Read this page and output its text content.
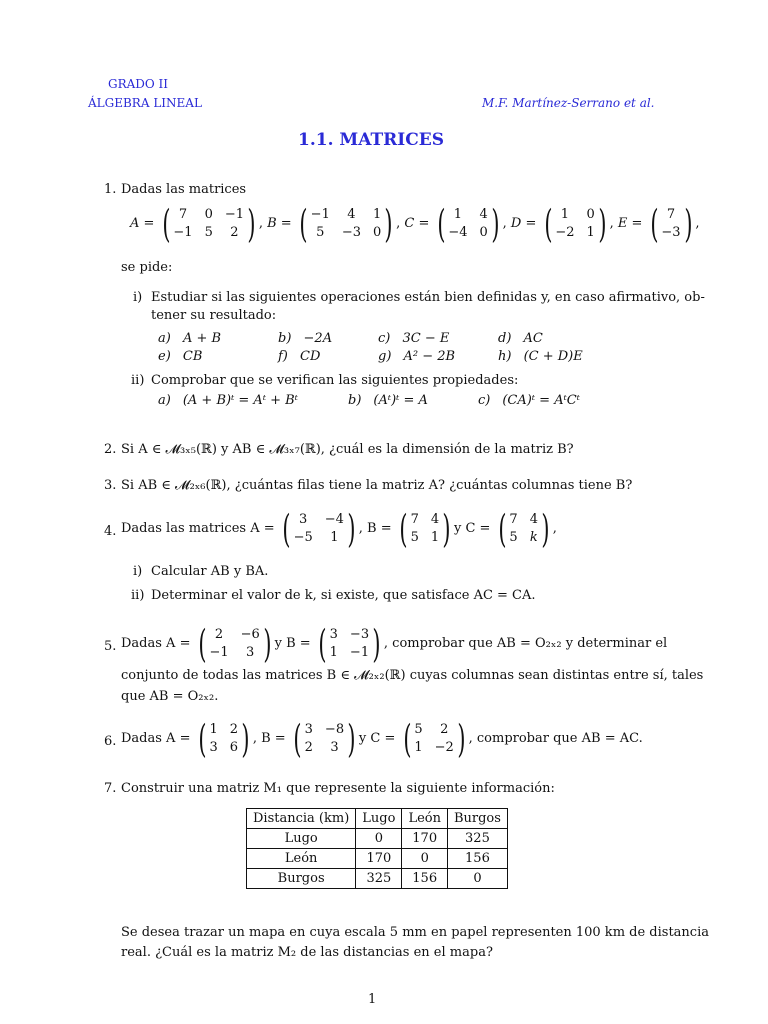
GRADO II
ÁLGEBRA LINEAL	M.F. Martínez-Serrano et al.
1.1. MATRICES
1. Dadas las matrices
A = ( 7	0 −1
−1 5	2 ) , B = ( −1	4	1
5	−3 0 ) , C = ( 1	4
−4 0 ) , D = ( 1	0
−2 1 ) , E = ( 7
−3 ) ,
se pide:
i) Estudiar si las siguientes operaciones están bien definidas y, en caso afirmativo, ob-
tener su resultado:
a) A + B	b) −2A	c) 3C − E	d) AC
e) CB	f) CD	g) A² − 2B	h) (C + D)E
ii) Comprobar que se verifican las siguientes propiedades:
a) (A + B)ᵗ = Aᵗ + Bᵗ	b) (Aᵗ)ᵗ = A	c) (CA)ᵗ = AᵗCᵗ
2. Si A ∈ 𝓜₃ₓ₅(ℝ) y AB ∈ 𝓜₃ₓ₇(ℝ), ¿cuál es la dimensión de la matriz B?
3. Si AB ∈ 𝓜₂ₓ₆(ℝ), ¿cuántas filas tiene la matriz A? ¿cuántas columnas tiene B?
4. Dadas las matrices A =
( 3	−4
−5	1 ) , B =
( 7 4
5 1 ) y C =
( 7 4
5 k ) ,
i) Calcular AB y BA.
ii) Determinar el valor de k, si existe, que satisface AC = CA.
5. Dadas A =
( 2	−6
−1	3 ) y B =
( 3 −3
1 −1 ) , comprobar que AB = O₂ₓ₂ y determinar el
conjunto de todas las matrices B ∈ 𝓜₂ₓ₂(ℝ) cuyas columnas sean distintas entre sí, tales
que AB = O₂ₓ₂.
6. Dadas A =
( 1 2
3 6 ) , B =
( 3 −8
2	3 ) y C =
( 5	2
1 −2 ) , comprobar que AB = AC.
7. Construir una matriz M₁ que represente la siguiente información:
Distancia (km)	Lugo	León	Burgos
Lugo	0	170	325
León	170	0	156
Burgos	325	156	0
Se desea trazar un mapa en cuya escala 5 mm en papel representen 100 km de distancia
real. ¿Cuál es la matriz M₂ de las distancias en el mapa?
1
